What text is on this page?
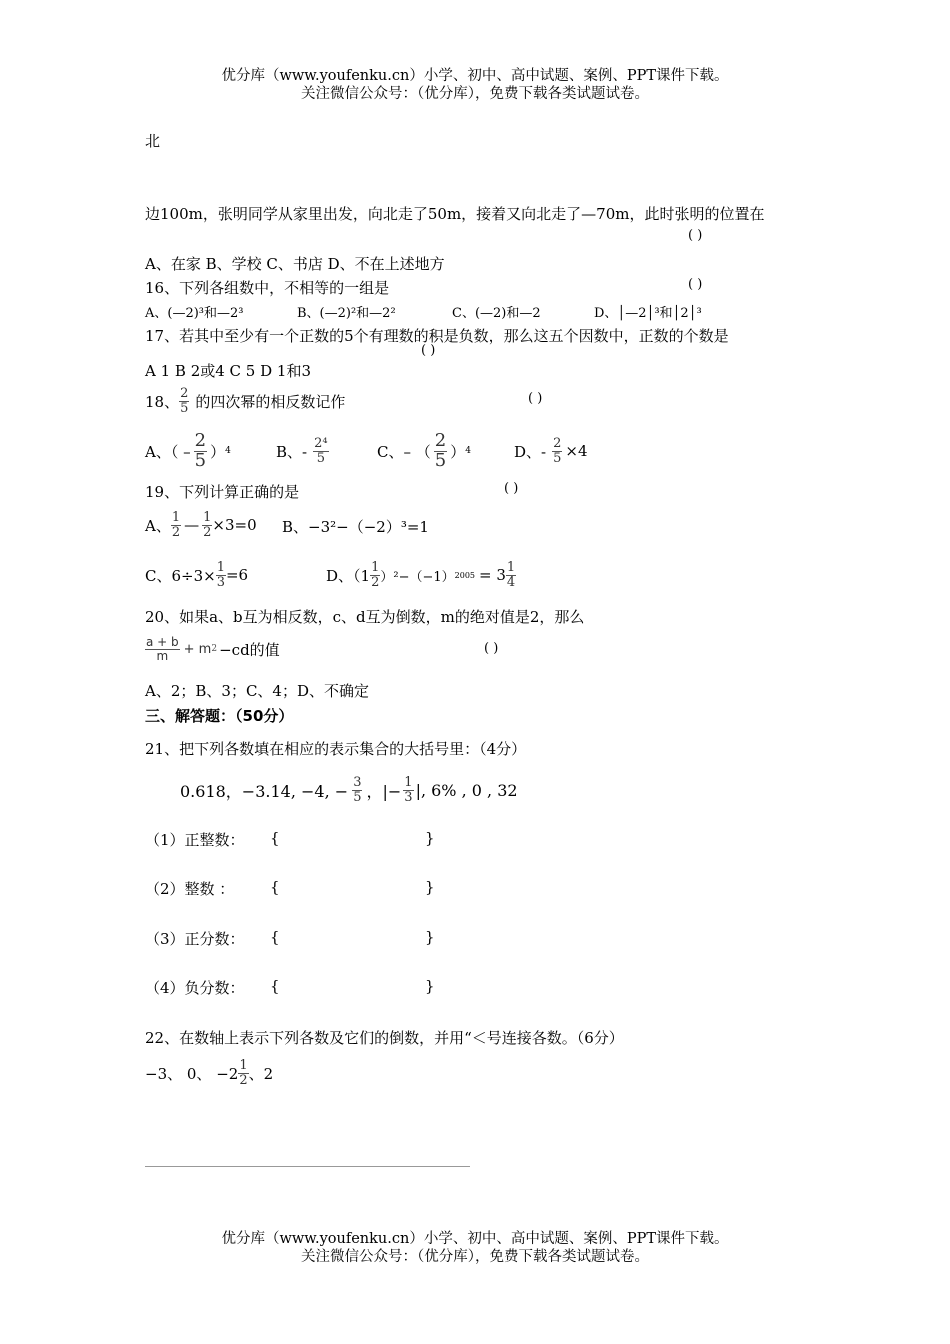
优分库（www.youfenku.cn）小学、初中、高中试题、案例、PPT课件下载。
关注微信公众号：（优分库），免费下载各类试题试卷。
北
边100m，张明同学从家里出发，向北走了50m，接着又向北走了—70m，此时张明的位置在
( )
A、在家 B、学校 C、书店 D、不在上述地方
16、下列各组数中，不相等的一组是	( )
A、(—2)³和—2³	B、(—2)²和—2²	C、(—2)和—2	D、│—2│³和│2│³
17、若其中至少有一个正数的5个有理数的积是负数，那么这五个因数中，正数的个数是
( )
A 1 B 2或4 C 5 D 1和3
18、 $\frac{2}{5}$ 的四次幂的相反数记作	( )
A、（ – $\frac{2}{5}$ ） 4	B、- $\frac{\text{2⁴}}{5}$	C、– （ $\frac{2}{5}$ ） 4	D、- $\frac{2}{5} \times 4$
19、下列计算正确的是	( )
A、 $\frac{1}{2}$ — $\frac{1}{2} \times 3=0$ B、−3²−（−2）³=1
C、$6\div 3\times \frac{1}{3} =6$	D、$(1 \frac{1}{2} )^2-(-1)$ $2005 = 3 \frac{1}{4}$
20、如果a、b互为相反数，c、d互为倒数，m的绝对值是2，那么
$\frac{a + b}{m} + m$ 2 −cd的值	( )
A、2；B、3；C、4；D、不确定
三、解答题：（50分）
21、把下列各数填在相应的表示集合的大括号里：（4分）
0.618，−3.14, −4, − $\frac{3}{5}$ ，|− $\frac{1}{3}$ |, 6% , 0 , 32
（1）正整数： {	}
（2）整数 ： {	}
（3）正分数： {	}
（4）负分数： {	}
22、在数轴上表示下列各数及它们的倒数，并用“＜号连接各数。（6分）
−3、 0、 $-2 \frac{1}{2}$ 、2
优分库（www.youfenku.cn）小学、初中、高中试题、案例、PPT课件下载。
关注微信公众号：（优分库），免费下载各类试题试卷。
